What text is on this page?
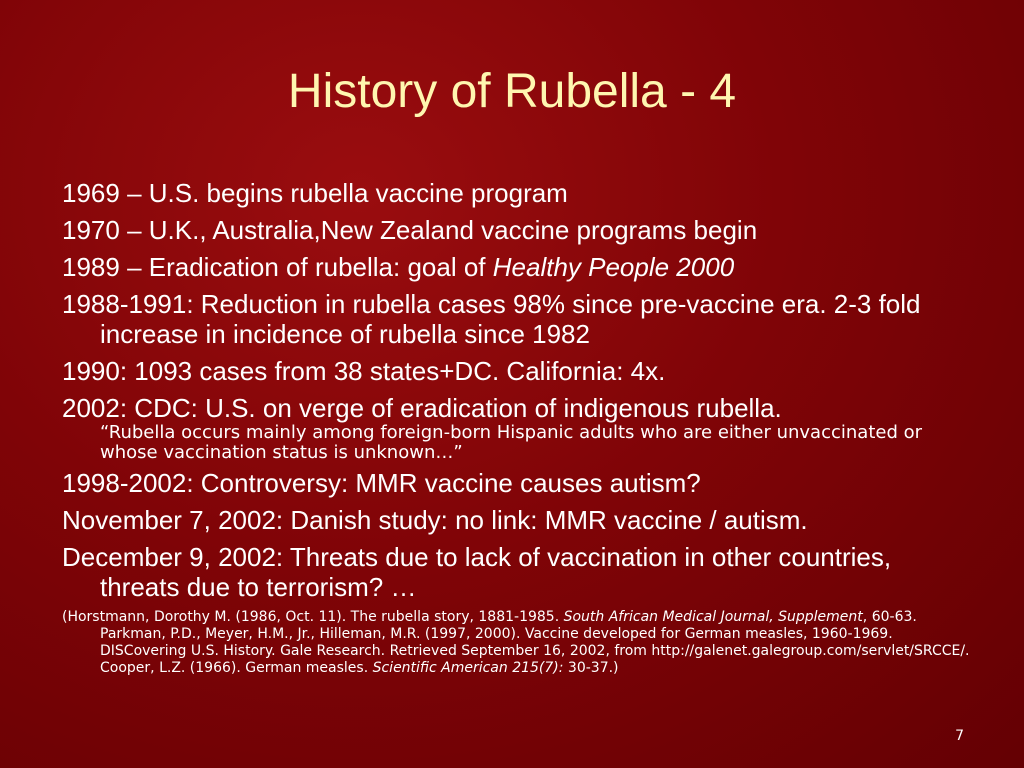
History of Rubella - 4
1969 – U.S. begins rubella vaccine program
1970 – U.K., Australia,New Zealand vaccine programs begin
1989 – Eradication of rubella: goal of Healthy People 2000
1988-1991: Reduction in rubella cases 98% since pre-vaccine era. 2-3 fold increase in incidence of rubella since 1982
1990: 1093 cases from 38 states+DC. California: 4x.
2002: CDC: U.S. on verge of eradication of indigenous rubella.
“Rubella occurs mainly among foreign-born Hispanic adults who are either unvaccinated or whose vaccination status is unknown…”
1998-2002: Controversy: MMR vaccine causes autism?
November 7, 2002: Danish study: no link: MMR vaccine / autism.
December 9, 2002: Threats due to lack of vaccination in other countries, threats due to terrorism? …
(Horstmann, Dorothy M. (1986, Oct. 11). The rubella story, 1881-1985. South African Medical Journal, Supplement, 60-63. Parkman, P.D., Meyer, H.M., Jr., Hilleman, M.R. (1997, 2000). Vaccine developed for German measles, 1960-1969. DISCovering U.S. History. Gale Research. Retrieved September 16, 2002, from http://galenet.galegroup.com/servlet/SRCCE/. Cooper, L.Z. (1966). German measles. Scientific American 215(7): 30-37.)
7
